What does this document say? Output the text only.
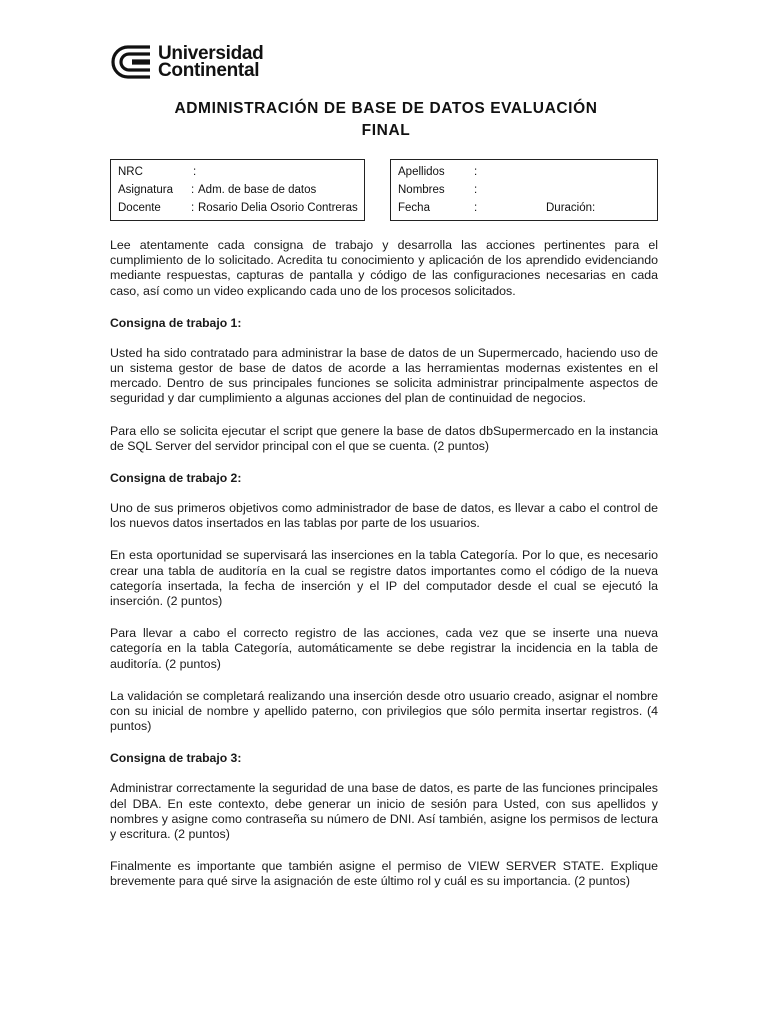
Universidad
Continental
ADMINISTRACIÓN DE BASE DE DATOS EVALUACIÓN
FINAL
NRC	:
Asignatura : Adm. de base de datos
Docente	: Rosario Delia Osorio Contreras
Apellidos	:
Nombres	:
Fecha	:	Duración:

Lee atentamente cada consigna de trabajo y desarrolla las acciones pertinentes para el cumplimiento de lo solicitado. Acredita tu conocimiento y aplicación de los aprendido evidenciando mediante respuestas, capturas de pantalla y código de las configuraciones necesarias en cada caso, así como un video explicando cada uno de los procesos solicitados.

Consigna de trabajo 1:

Usted ha sido contratado para administrar la base de datos de un Supermercado, haciendo uso de un sistema gestor de base de datos de acorde a las herramientas modernas existentes en el mercado. Dentro de sus principales funciones se solicita administrar principalmente aspectos de seguridad y dar cumplimiento a algunas acciones del plan de continuidad de negocios.

Para ello se solicita ejecutar el script que genere la base de datos dbSupermercado en la instancia de SQL Server del servidor principal con el que se cuenta. (2 puntos)

Consigna de trabajo 2:

Uno de sus primeros objetivos como administrador de base de datos, es llevar a cabo el control de los nuevos datos insertados en las tablas por parte de los usuarios.

En esta oportunidad se supervisará las inserciones en la tabla Categoría. Por lo que, es necesario crear una tabla de auditoría en la cual se registre datos importantes como el código de la nueva categoría insertada, la fecha de inserción y el IP del computador desde el cual se ejecutó la inserción. (2 puntos)

Para llevar a cabo el correcto registro de las acciones, cada vez que se inserte una nueva categoría en la tabla Categoría, automáticamente se debe registrar la incidencia en la tabla de auditoría. (2 puntos)

La validación se completará realizando una inserción desde otro usuario creado, asignar el nombre con su inicial de nombre y apellido paterno, con privilegios que sólo permita insertar registros. (4 puntos)

Consigna de trabajo 3:

Administrar correctamente la seguridad de una base de datos, es parte de las funciones principales del DBA. En este contexto, debe generar un inicio de sesión para Usted, con sus apellidos y nombres y asigne como contraseña su número de DNI. Así también, asigne los permisos de lectura y escritura. (2 puntos)

Finalmente es importante que también asigne el permiso de VIEW SERVER STATE. Explique brevemente para qué sirve la asignación de este último rol y cuál es su importancia. (2 puntos)
